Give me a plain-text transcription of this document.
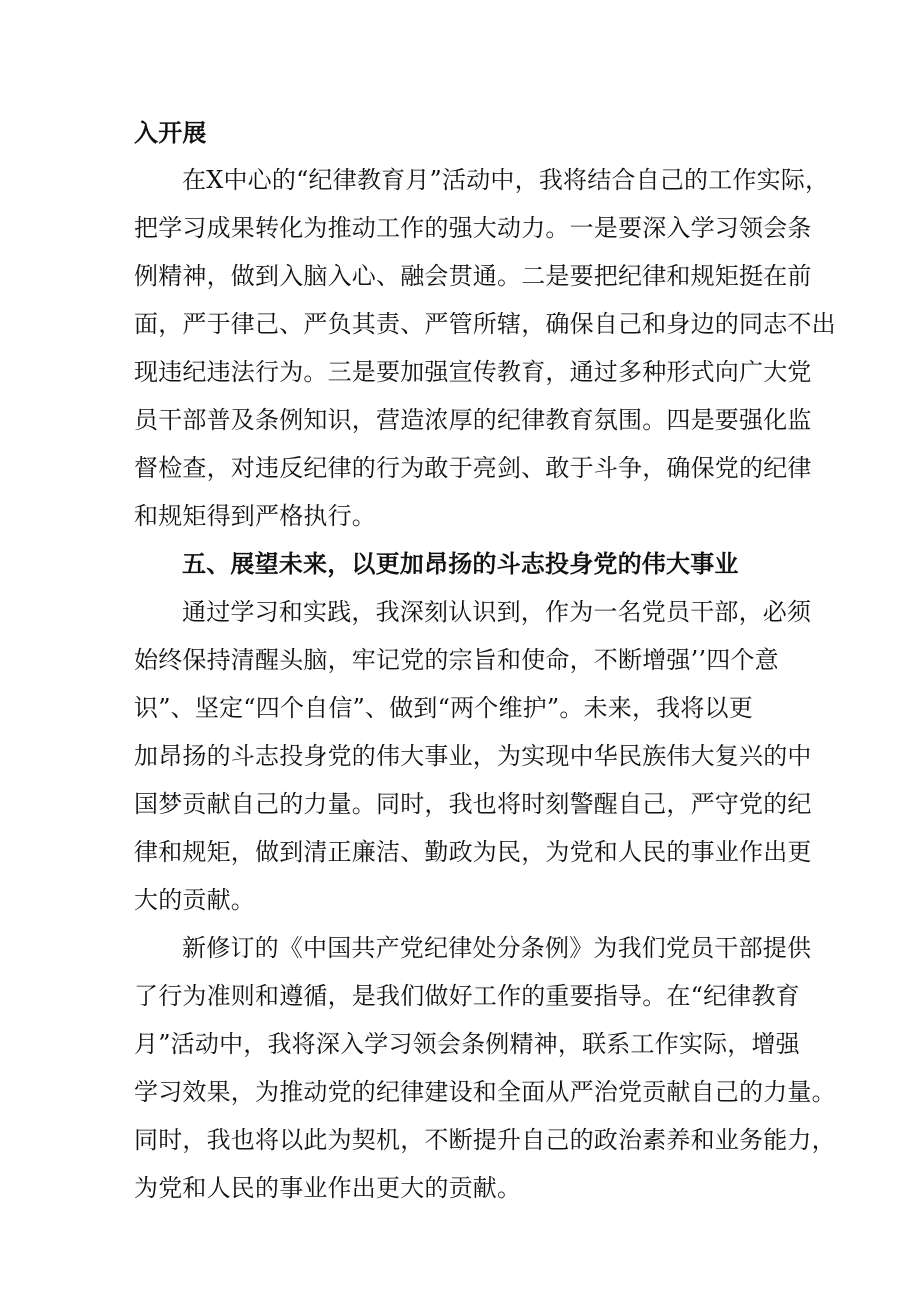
入开展
在X中心的“纪律教育月”活动中，我将结合自己的工作实际，
把学习成果转化为推动工作的强大动力。一是要深入学习领会条
例精神，做到入脑入心、融会贯通。二是要把纪律和规矩挺在前
面，严于律己、严负其责、严管所辖，确保自己和身边的同志不出
现违纪违法行为。三是要加强宣传教育，通过多种形式向广大党
员干部普及条例知识，营造浓厚的纪律教育氛围。四是要强化监
督检查，对违反纪律的行为敢于亮剑、敢于斗争，确保党的纪律
和规矩得到严格执行。
五、展望未来，以更加昂扬的斗志投身党的伟大事业
通过学习和实践，我深刻认识到，作为一名党员干部，必须
始终保持清醒头脑，牢记党的宗旨和使命，不断增强’’四个意
识”、坚定“四个自信”、做到“两个维护”。未来，我将以更
加昂扬的斗志投身党的伟大事业，为实现中华民族伟大复兴的中
国梦贡献自己的力量。同时，我也将时刻警醒自己，严守党的纪
律和规矩，做到清正廉洁、勤政为民，为党和人民的事业作出更
大的贡献。
新修订的《中国共产党纪律处分条例》为我们党员干部提供
了行为准则和遵循，是我们做好工作的重要指导。在“纪律教育
月”活动中，我将深入学习领会条例精神，联系工作实际，增强
学习效果，为推动党的纪律建设和全面从严治党贡献自己的力量。
同时，我也将以此为契机，不断提升自己的政治素养和业务能力，
为党和人民的事业作出更大的贡献。
